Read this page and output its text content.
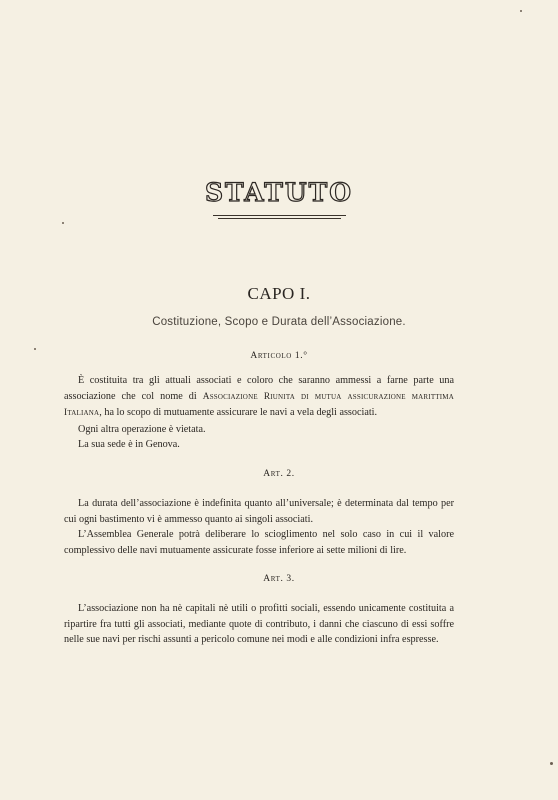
STATUTO
CAPO I.
Costituzione, Scopo e Durata dell’Associazione.
Articolo 1.°

È costituita tra gli attuali associati e coloro che saranno ammessi a farne parte una associazione che col nome di Associazione Riunita di mutua assicurazione marittima Italiana, ha lo scopo di mutuamente assicurare le navi a vela degli associati.

Ogni altra operazione è vietata.

La sua sede è in Genova.

Art. 2.

La durata dell’associazione è indefinita quanto all’universale; è determinata dal tempo per cui ogni bastimento vi è ammesso quanto ai singoli associati.

L’Assemblea Generale potrà deliberare lo scioglimento nel solo caso in cui il valore complessivo delle navi mutuamente assicurate fosse inferiore ai sette milioni di lire.

Art. 3.

L’associazione non ha nè capitali nè utili o profitti sociali, essendo unicamente costituita a ripartire fra tutti gli associati, mediante quote di contributo, i danni che ciascuno di essi soffre nelle sue navi per rischi assunti a pericolo comune nei modi e alle condizioni infra espresse.
